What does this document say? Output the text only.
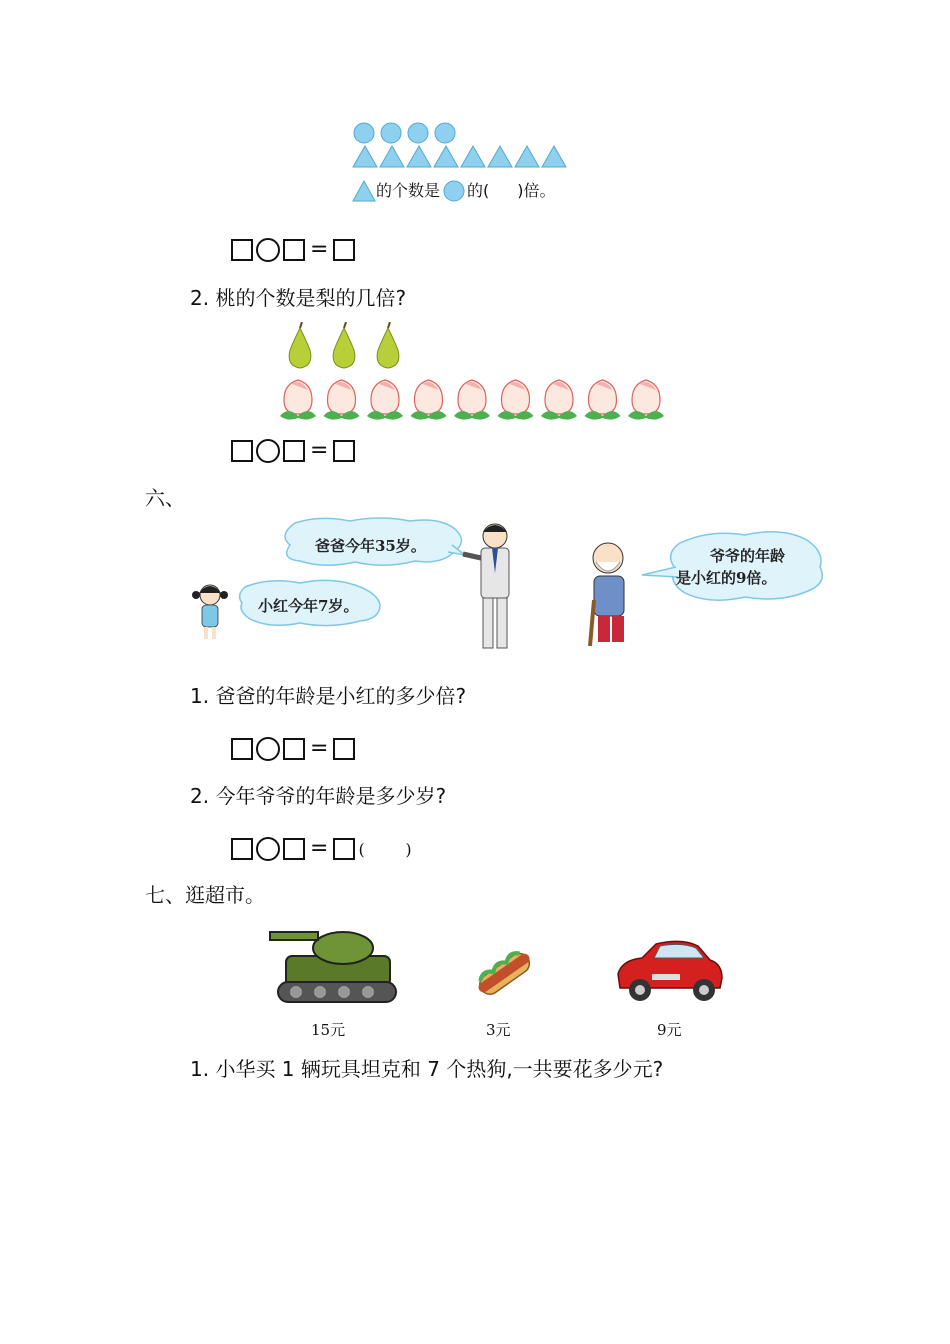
的个数是 的( )倍。
=
2. 桃的个数是梨的几倍?
=
六、
爸爸今年35岁。
小红今年7岁。
爷爷的年龄
是小红的9倍。
1. 爸爸的年龄是小红的多少倍?
=
2. 今年爷爷的年龄是多少岁?
= (        )
七、逛超市。
15元	3元	9元
1. 小华买 1 辆玩具坦克和 7 个热狗,一共要花多少元?
